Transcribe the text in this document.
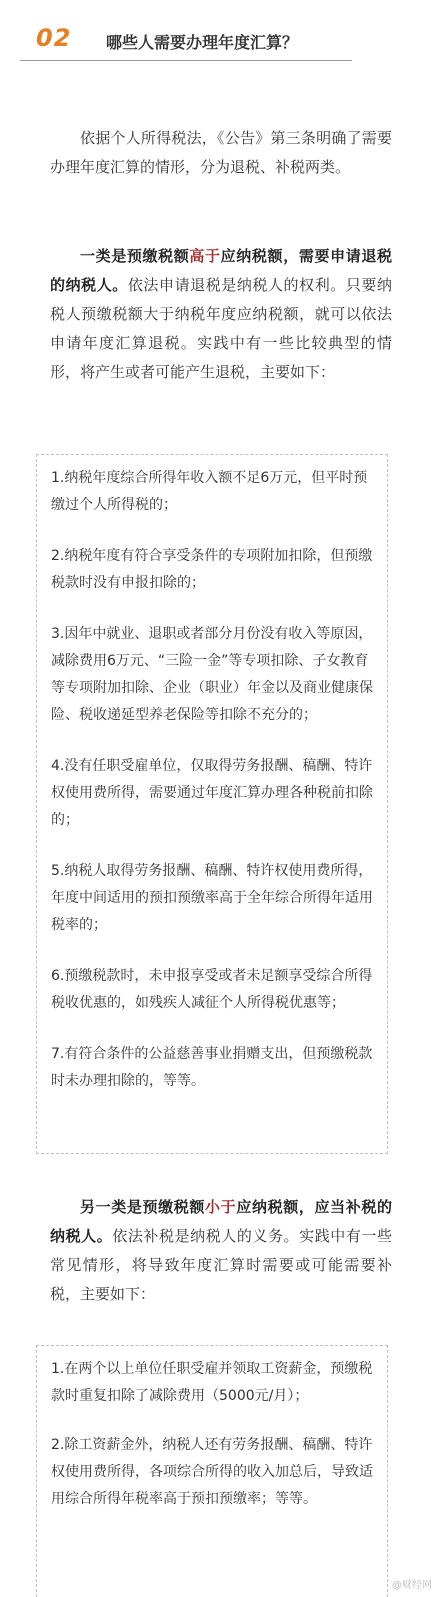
02 哪些人需要办理年度汇算？

依据个人所得税法，《公告》第三条明确了需要办理年度汇算的情形，分为退税、补税两类。

一类是预缴税额高于应纳税额，需要申请退税的纳税人。依法申请退税是纳税人的权利。只要纳税人预缴税额大于纳税年度应纳税额，就可以依法申请年度汇算退税。实践中有一些比较典型的情形，将产生或者可能产生退税，主要如下：

1.纳税年度综合所得年收入额不足6万元，但平时预缴过个人所得税的；
2.纳税年度有符合享受条件的专项附加扣除，但预缴税款时没有申报扣除的；
3.因年中就业、退职或者部分月份没有收入等原因，减除费用6万元、“三险一金”等专项扣除、子女教育等专项附加扣除、企业（职业）年金以及商业健康保险、税收递延型养老保险等扣除不充分的；
4.没有任职受雇单位，仅取得劳务报酬、稿酬、特许权使用费所得，需要通过年度汇算办理各种税前扣除的；
5.纳税人取得劳务报酬、稿酬、特许权使用费所得，年度中间适用的预扣预缴率高于全年综合所得年适用税率的；
6.预缴税款时，未申报享受或者未足额享受综合所得税收优惠的，如残疾人减征个人所得税优惠等；
7.有符合条件的公益慈善事业捐赠支出，但预缴税款时未办理扣除的，等等。

另一类是预缴税额小于应纳税额，应当补税的纳税人。依法补税是纳税人的义务。实践中有一些常见情形，将导致年度汇算时需要或可能需要补税，主要如下：

1.在两个以上单位任职受雇并领取工资薪金，预缴税款时重复扣除了减除费用（5000元/月）；
2.除工资薪金外，纳税人还有劳务报酬、稿酬、特许权使用费所得，各项综合所得的收入加总后，导致适用综合所得年税率高于预扣预缴率；等等。
@财经网
